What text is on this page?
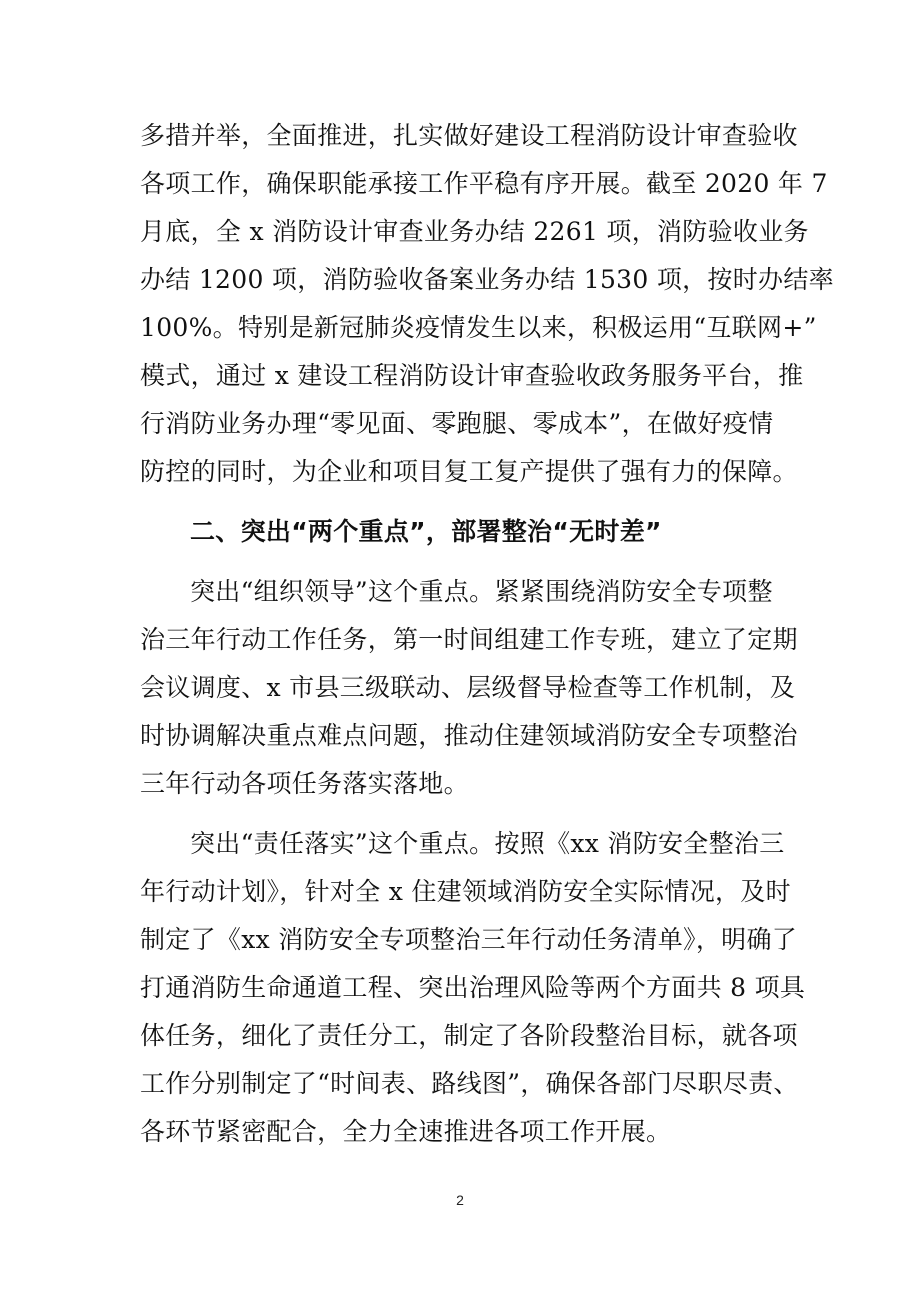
多措并举，全面推进，扎实做好建设工程消防设计审查验收
各项工作，确保职能承接工作平稳有序开展。截至 2020 年 7
月底，全 x 消防设计审查业务办结 2261 项，消防验收业务
办结 1200 项，消防验收备案业务办结 1530 项，按时办结率
100%。特别是新冠肺炎疫情发生以来，积极运用“互联网+”
模式，通过 x 建设工程消防设计审查验收政务服务平台，推
行消防业务办理“零见面、零跑腿、零成本”，在做好疫情
防控的同时，为企业和项目复工复产提供了强有力的保障。
二、突出“两个重点”，部署整治“无时差”
突出“组织领导”这个重点。紧紧围绕消防安全专项整
治三年行动工作任务，第一时间组建工作专班，建立了定期
会议调度、x 市县三级联动、层级督导检查等工作机制，及
时协调解决重点难点问题，推动住建领域消防安全专项整治
三年行动各项任务落实落地。
突出“责任落实”这个重点。按照《xx 消防安全整治三
年行动计划》，针对全 x 住建领域消防安全实际情况，及时
制定了《xx 消防安全专项整治三年行动任务清单》，明确了
打通消防生命通道工程、突出治理风险等两个方面共 8 项具
体任务，细化了责任分工，制定了各阶段整治目标，就各项
工作分别制定了“时间表、路线图”，确保各部门尽职尽责、
各环节紧密配合，全力全速推进各项工作开展。
2
